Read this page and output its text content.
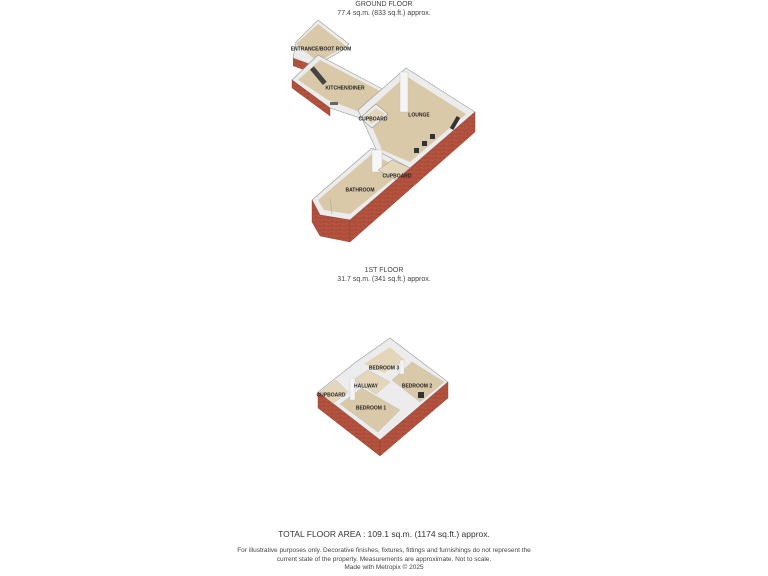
GROUND FLOOR
77.4 sq.m. (833 sq.ft.) approx.
1ST FLOOR
31.7 sq.m. (341 sq.ft.) approx.
ENTRANCE/BOOT ROOM
KITCHEN/DINER
CUPBOARD
LOUNGE
CUPBOARD
BATHROOM
BEDROOM 3
HALLWAY	BEDROOM 2
CUPBOARD
BEDROOM 1
TOTAL FLOOR AREA : 109.1 sq.m. (1174 sq.ft.) approx.
For illustrative purposes only. Decorative finishes, fixtures, fittings and furnishings do not represent the current state of the property. Measurements are approximate. Not to scale.
Made with Metropix © 2025
